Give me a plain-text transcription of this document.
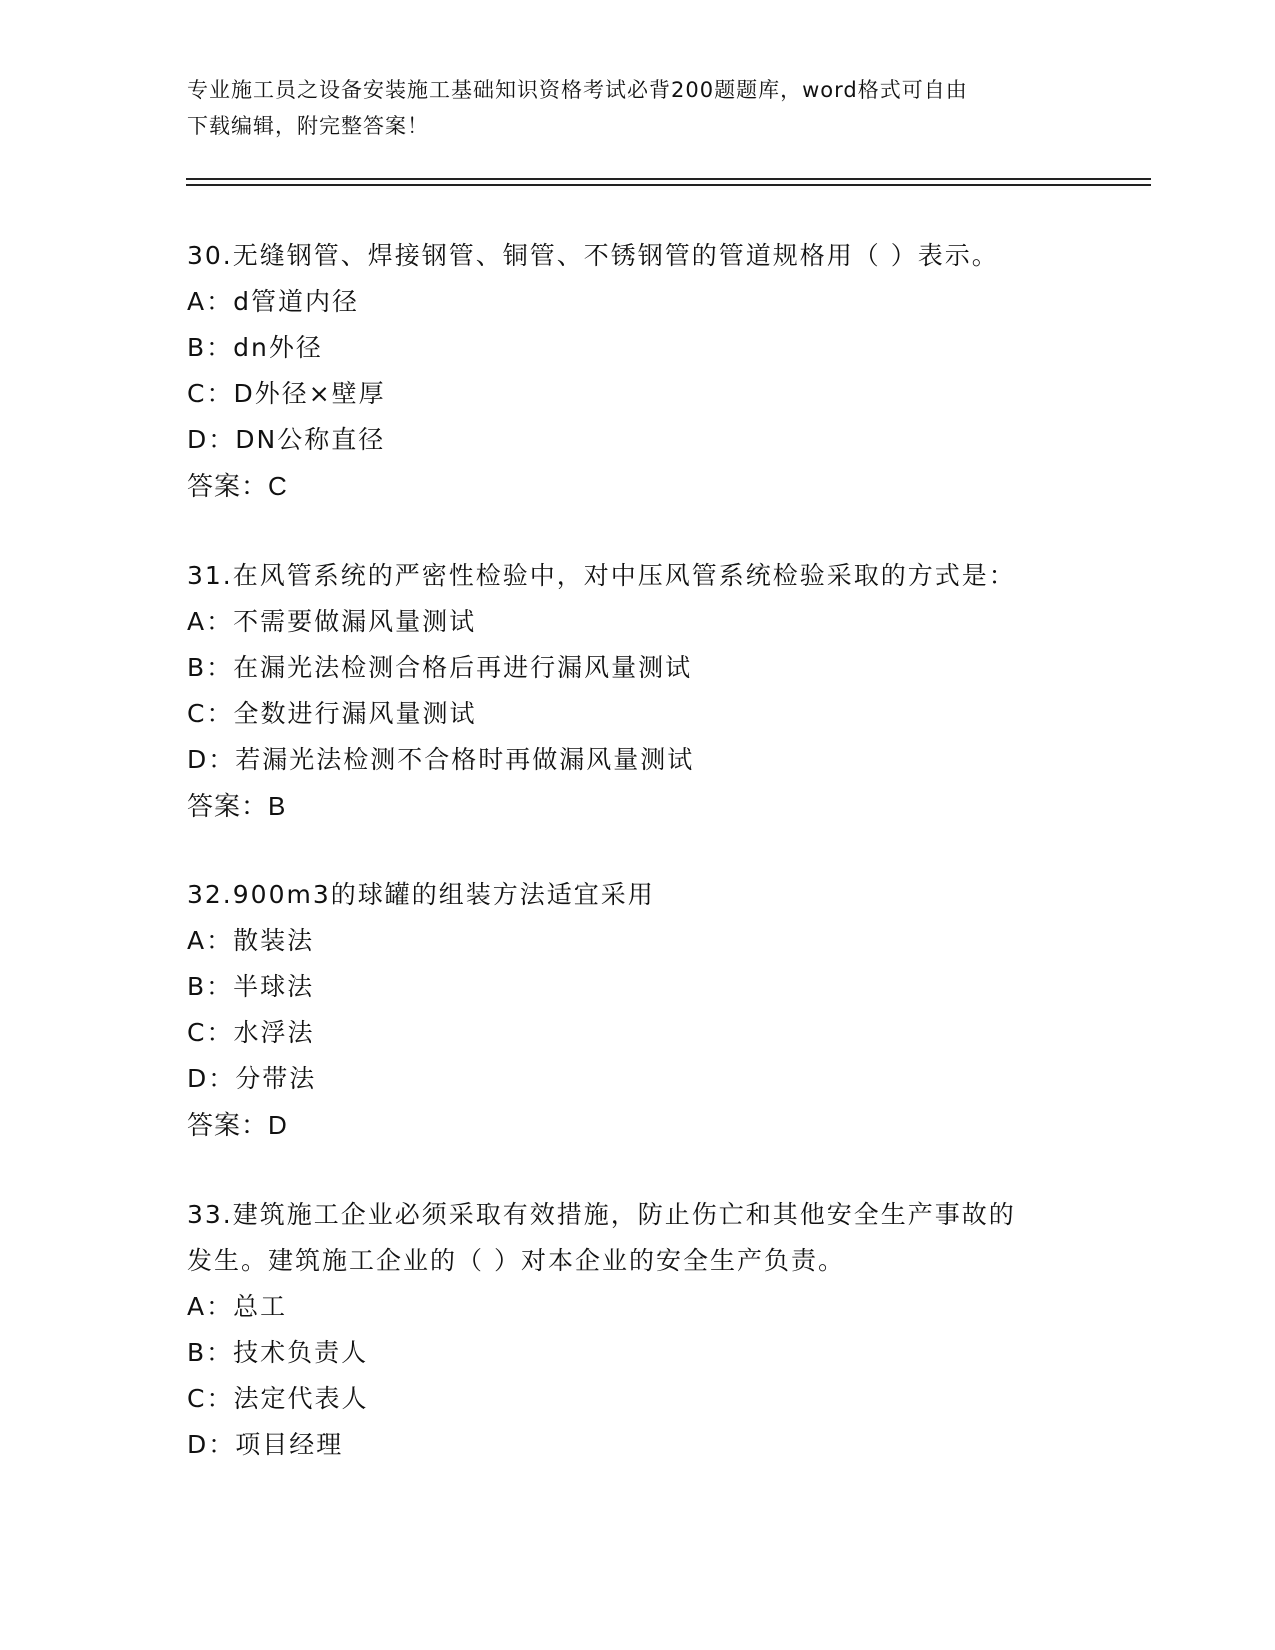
专业施工员之设备安装施工基础知识资格考试必背200题题库，word格式可自由
下载编辑，附完整答案！
30.无缝钢管、焊接钢管、铜管、不锈钢管的管道规格用（ ）表示。
A：d管道内径
B：dn外径
C：D外径×壁厚
D：DN公称直径
答案：C
31.在风管系统的严密性检验中，对中压风管系统检验采取的方式是：
A：不需要做漏风量测试
B：在漏光法检测合格后再进行漏风量测试
C：全数进行漏风量测试
D：若漏光法检测不合格时再做漏风量测试
答案：B
32.900m3的球罐的组装方法适宜采用
A：散装法
B：半球法
C：水浮法
D：分带法
答案：D
33.建筑施工企业必须采取有效措施，防止伤亡和其他安全生产事故的
发生。建筑施工企业的（ ）对本企业的安全生产负责。
A：总工
B：技术负责人
C：法定代表人
D：项目经理
